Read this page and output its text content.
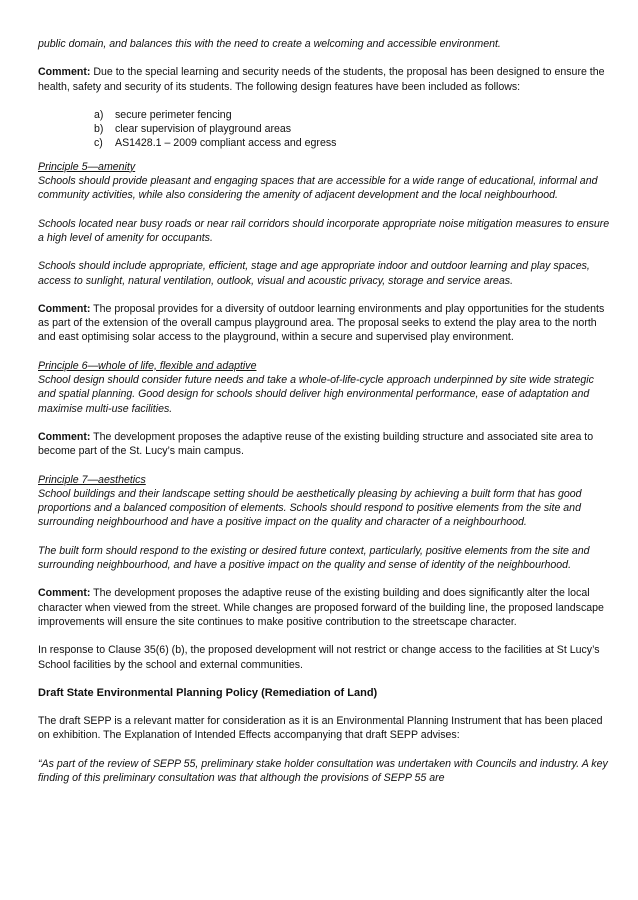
public domain, and balances this with the need to create a welcoming and accessible environment.

Comment: Due to the special learning and security needs of the students, the proposal has been designed to ensure the health, safety and security of its students. The following design features have been included as follows:

a)	secure perimeter fencing
b)	clear supervision of playground areas
c)	AS1428.1 – 2009 compliant access and egress

Principle 5—amenity

Schools should provide pleasant and engaging spaces that are accessible for a wide range of educational, informal and community activities, while also considering the amenity of adjacent development and the local neighbourhood.

Schools located near busy roads or near rail corridors should incorporate appropriate noise mitigation measures to ensure a high level of amenity for occupants.

Schools should include appropriate, efficient, stage and age appropriate indoor and outdoor learning and play spaces, access to sunlight, natural ventilation, outlook, visual and acoustic privacy, storage and service areas.

Comment: The proposal provides for a diversity of outdoor learning environments and play opportunities for the students as part of the extension of the overall campus playground area. The proposal seeks to extend the play area to the north and east optimising solar access to the playground, within a secure and supervised play environment.

Principle 6—whole of life, flexible and adaptive

School design should consider future needs and take a whole-of-life-cycle approach underpinned by site wide strategic and spatial planning. Good design for schools should deliver high environmental performance, ease of adaptation and maximise multi-use facilities.

Comment: The development proposes the adaptive reuse of the existing building structure and associated site area to become part of the St. Lucy’s main campus.

Principle 7—aesthetics

School buildings and their landscape setting should be aesthetically pleasing by achieving a built form that has good proportions and a balanced composition of elements. Schools should respond to positive elements from the site and surrounding neighbourhood and have a positive impact on the quality and character of a neighbourhood.

The built form should respond to the existing or desired future context, particularly, positive elements from the site and surrounding neighbourhood, and have a positive impact on the quality and sense of identity of the neighbourhood.

Comment: The development proposes the adaptive reuse of the existing building and does significantly alter the local character when viewed from the street. While changes are proposed forward of the building line, the proposed landscape improvements will ensure the site continues to make positive contribution to the streetscape character.

In response to Clause 35(6) (b), the proposed development will not restrict or change access to the facilities at St Lucy’s School facilities by the school and external communities.

Draft State Environmental Planning Policy (Remediation of Land)

The draft SEPP is a relevant matter for consideration as it is an Environmental Planning Instrument that has been placed on exhibition. The Explanation of Intended Effects accompanying that draft SEPP advises:

“As part of the review of SEPP 55, preliminary stake holder consultation was undertaken with Councils and industry. A key finding of this preliminary consultation was that although the provisions of SEPP 55 are
